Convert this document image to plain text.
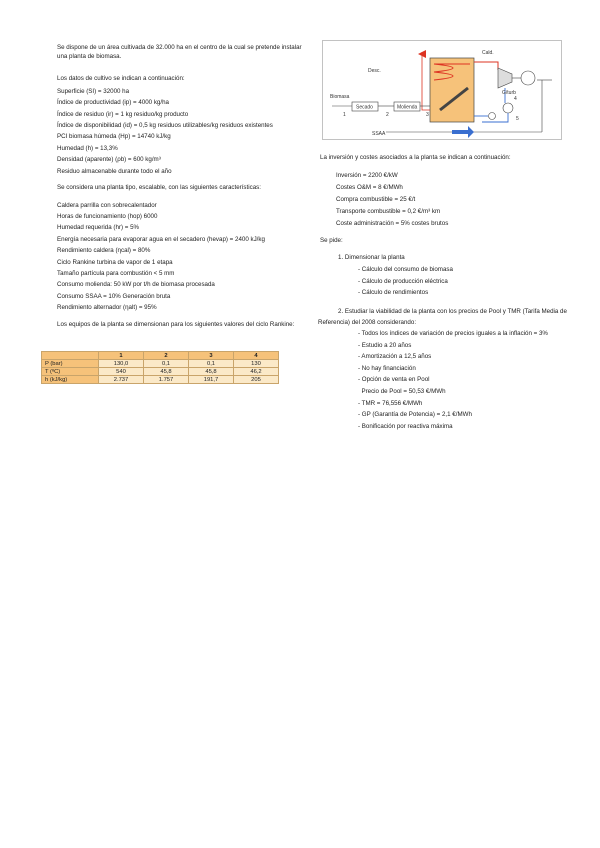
Se dispone de un área cultivada de 32.000 ha en el centro de la cual se pretende instalar una planta de biomasa.

Los datos de cultivo se indican a continuación:

Superficie (SI) = 32000 ha
Índice de productividad (ip) = 4000 kg/ha
Índice de residuo (ir) = 1 kg residuo/kg producto
Índice de disponibilidad (id) = 0,5 kg residuos utilizables/kg residuos existentes
PCI biomasa húmeda (Hp) = 14740 kJ/kg
Humedad (h) = 13,3%
Densidad (aparente) (ρb) = 600 kg/m³
Residuo almacenable durante todo el año

Se considera una planta tipo, escalable, con las siguientes características:

Caldera parrilla con sobrecalentador
Horas de funcionamiento (hop) 6000
Humedad requerida (hr) = 5%
Energía necesaria para evaporar agua en el secadero (hevap) = 2400 kJ/kg
Rendimiento caldera (ηcal) = 80%
Ciclo Rankine turbina de vapor de 1 etapa
Tamaño partícula para combustión < 5 mm
Consumo molienda: 50 kW por t/h de biomasa procesada
Consumo SSAA = 10% Generación bruta
Rendimiento alternador (ηalt) = 95%

Los equipos de la planta se dimensionan para los siguientes valores del ciclo Rankine:

	1	2	3	4
P (bar)	130,0	0,1	0,1	130
T (ºC)	540	45,8	45,8	46,2
h (kJ/kg)	2.737	1.757	191,7	205
Cald.
Desc.
Biomasa
Secado	Molienda
SSAA
G/turb
1	2	3
4
5

La inversión y costes asociados a la planta se indican a continuación:

Inversión = 2200 €/kW
Costes O&M = 8 €/MWh
Compra combustible = 25 €/t
Transporte combustible = 0,2 €/m³ km
Coste administración = 5% costes brutos

Se pide:

1. Dimensionar la planta
- Cálculo del consumo de biomasa
- Cálculo de producción eléctrica
- Cálculo de rendimientos

2. Estudiar la viabilidad de la planta con los precios de Pool y TMR (Tarifa Media de Referencia) del 2008 considerando:

- Todos los índices de variación de precios iguales a la inflación = 3%
- Estudio a 20 años
- Amortización a 12,5 años
- No hay financiación
- Opción de venta en Pool
Precio de Pool = 50,53 €/MWh
- TMR = 76,556 €/MWh
- GP (Garantía de Potencia) = 2,1 €/MWh
- Bonificación por reactiva máxima
